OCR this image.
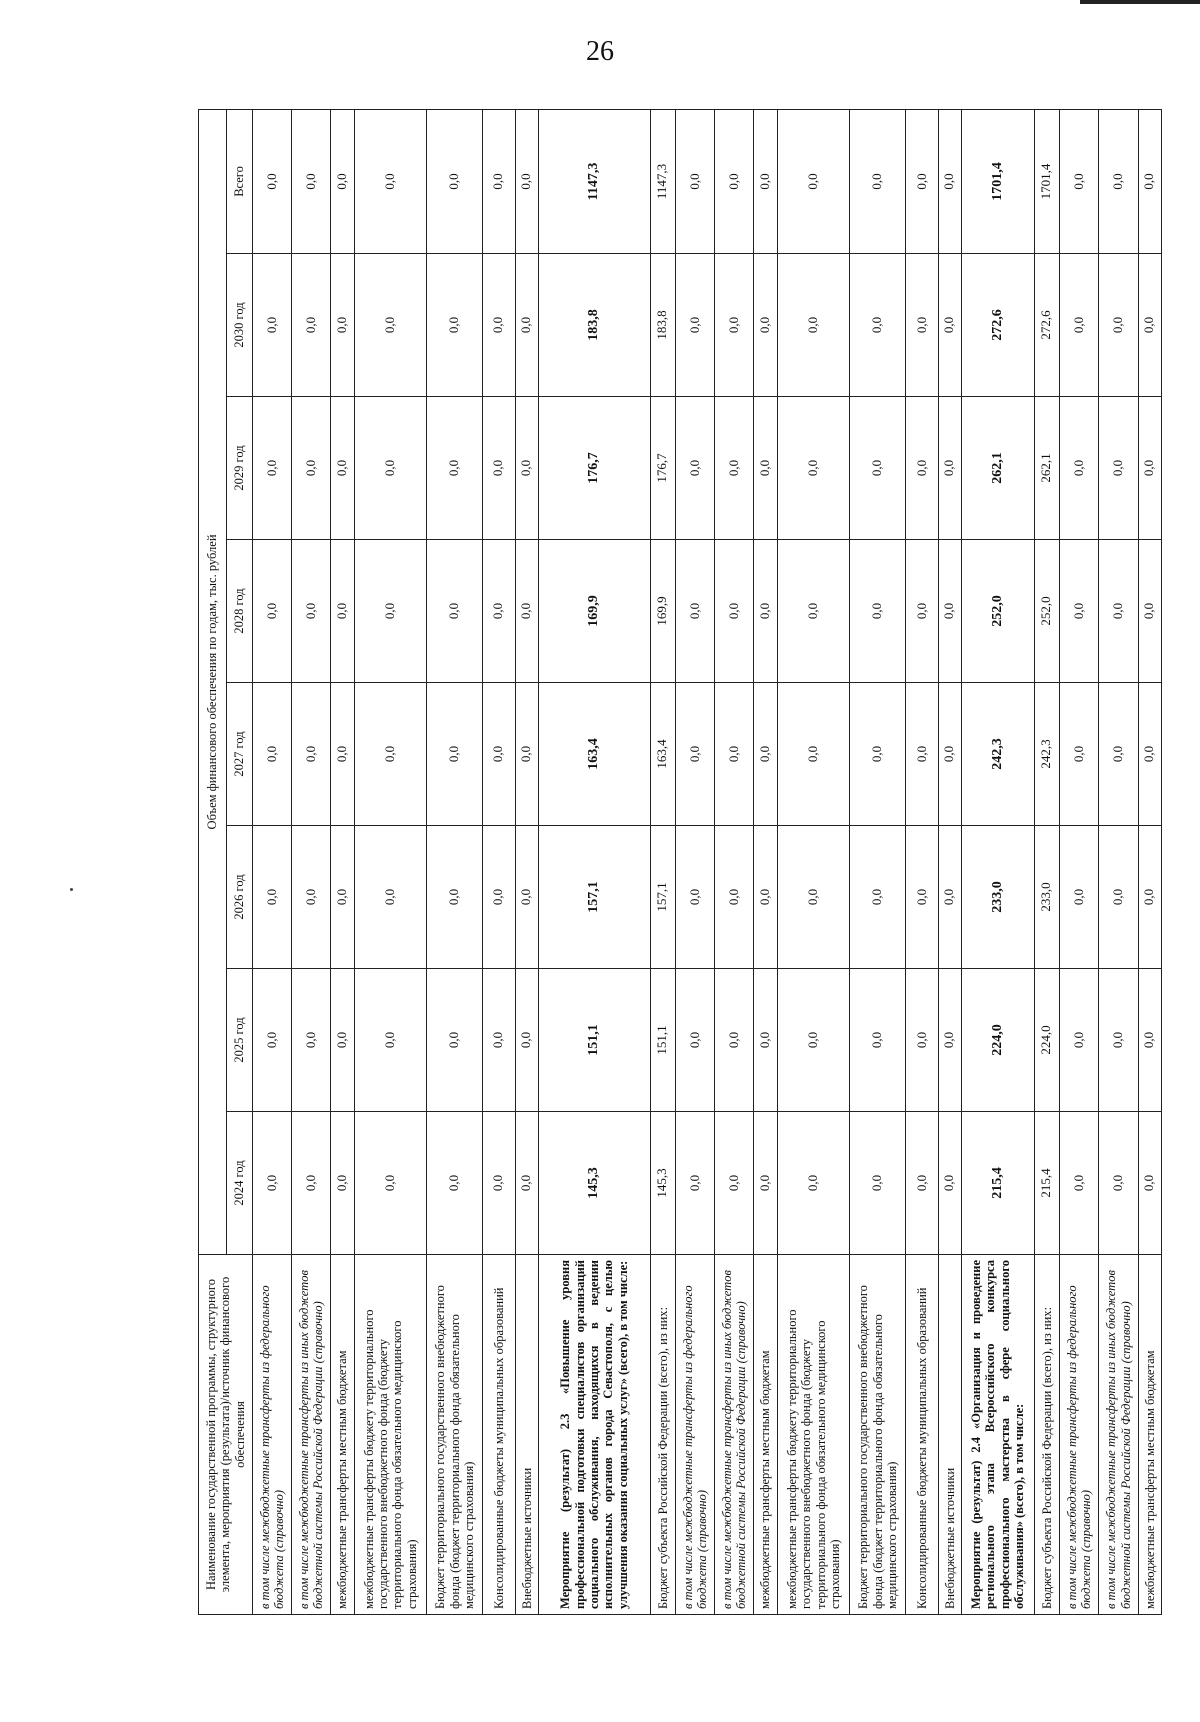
26
Наименование государственной программы, структурного элемента, мероприятия (результата)/источник финансового обеспечения	Объем финансового обеспечения по годам, тыс. рублей							
	2024 год	2025 год	2026 год	2027 год	2028 год	2029 год	2030 год	Всего
в том числе межбюджетные трансферты из федерального бюджета (справочно)	0,0	0,0	0,0	0,0	0,0	0,0	0,0	0,0
в том числе межбюджетные трансферты из иных бюджетов бюджетной системы Российской Федерации (справочно)	0,0	0,0	0,0	0,0	0,0	0,0	0,0	0,0
межбюджетные трансферты местным бюджетам	0,0	0,0	0,0	0,0	0,0	0,0	0,0	0,0
межбюджетные трансферты бюджету территориального государственного внебюджетного фонда (бюджету территориального фонда обязательного медицинского страхования)	0,0	0,0	0,0	0,0	0,0	0,0	0,0	0,0
Бюджет территориального государственного внебюджетного фонда (бюджет территориального фонда обязательного медицинского страхования)	0,0	0,0	0,0	0,0	0,0	0,0	0,0	0,0
Консолидированные бюджеты муниципальных образований	0,0	0,0	0,0	0,0	0,0	0,0	0,0	0,0
Внебюджетные источники	0,0	0,0	0,0	0,0	0,0	0,0	0,0	0,0
Мероприятие (результат) 2.3 «Повышение уровня профессиональной подготовки специалистов организаций социального обслуживания, находящихся в ведении исполнительных органов города Севастополя, с целью улучшения оказания социальных услуг» (всего), в том числе:	145,3	151,1	157,1	163,4	169,9	176,7	183,8	1147,3
Бюджет субъекта Российской Федерации (всего), из них:	145,3	151,1	157,1	163,4	169,9	176,7	183,8	1147,3
в том числе межбюджетные трансферты из федерального бюджета (справочно)	0,0	0,0	0,0	0,0	0,0	0,0	0,0	0,0
в том числе межбюджетные трансферты из иных бюджетов бюджетной системы Российской Федерации (справочно)	0,0	0,0	0,0	0,0	0,0	0,0	0,0	0,0
межбюджетные трансферты местным бюджетам	0,0	0,0	0,0	0,0	0,0	0,0	0,0	0,0
межбюджетные трансферты бюджету территориального государственного внебюджетного фонда (бюджету территориального фонда обязательного медицинского страхования)	0,0	0,0	0,0	0,0	0,0	0,0	0,0	0,0
Бюджет территориального государственного внебюджетного фонда (бюджет территориального фонда обязательного медицинского страхования)	0,0	0,0	0,0	0,0	0,0	0,0	0,0	0,0
Консолидированные бюджеты муниципальных образований	0,0	0,0	0,0	0,0	0,0	0,0	0,0	0,0
Внебюджетные источники	0,0	0,0	0,0	0,0	0,0	0,0	0,0	0,0
Мероприятие (результат) 2.4 «Организация и проведение регионального этапа Всероссийского конкурса профессионального мастерства в сфере социального обслуживания» (всего), в том числе:	215,4	224,0	233,0	242,3	252,0	262,1	272,6	1701,4
Бюджет субъекта Российской Федерации (всего), из них:	215,4	224,0	233,0	242,3	252,0	262,1	272,6	1701,4
в том числе межбюджетные трансферты из федерального бюджета (справочно)	0,0	0,0	0,0	0,0	0,0	0,0	0,0	0,0
в том числе межбюджетные трансферты из иных бюджетов бюджетной системы Российской Федерации (справочно)	0,0	0,0	0,0	0,0	0,0	0,0	0,0	0,0
межбюджетные трансферты местным бюджетам	0,0	0,0	0,0	0,0	0,0	0,0	0,0	0,0
